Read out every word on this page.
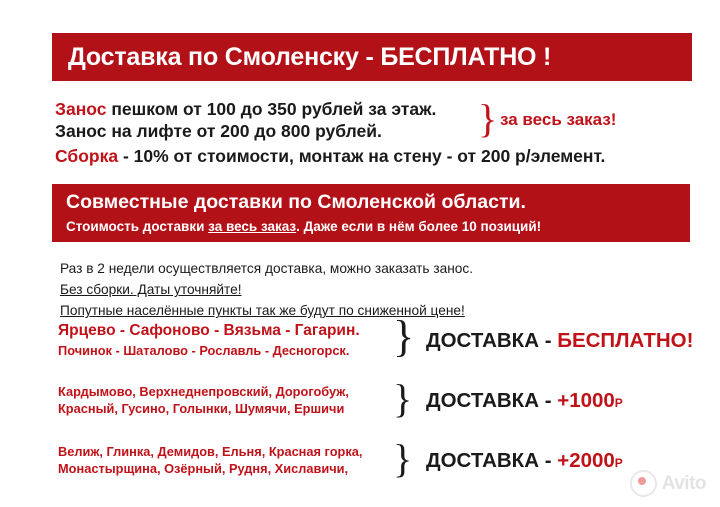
Доставка по Смоленску - БЕСПЛАТНО !
Занос пешком от 100 до 350 рублей за этаж.
Занос на лифте от 200 до 800 рублей.
Сборка - 10% от стоимости, монтаж на стену - от 200 р/элемент.
} за весь заказ!
Совместные доставки по Смоленской области.
Стоимость доставки за весь заказ. Даже если в нём более 10 позиций!
Раз в 2 недели осуществляется доставка, можно заказать занос.
Без сборки. Даты уточняйте!
Попутные населённые пункты так же будут по сниженной цене!
Ярцево - Сафоново - Вязьма - Гагарин.
Починок - Шаталово - Рославль - Десногорск. } ДОСТАВКА - БЕСПЛАТНО!
Кардымово, Верхнеднепровский, Дорогобуж,
Красный, Гусино, Голынки, Шумячи, Ершичи	} ДОСТАВКА - +1000Р
Велиж, Глинка, Демидов, Ельня, Красная горка,
Монастырщина, Озёрный, Рудня, Хиславичи,	} ДОСТАВКА - +2000Р
Avito
